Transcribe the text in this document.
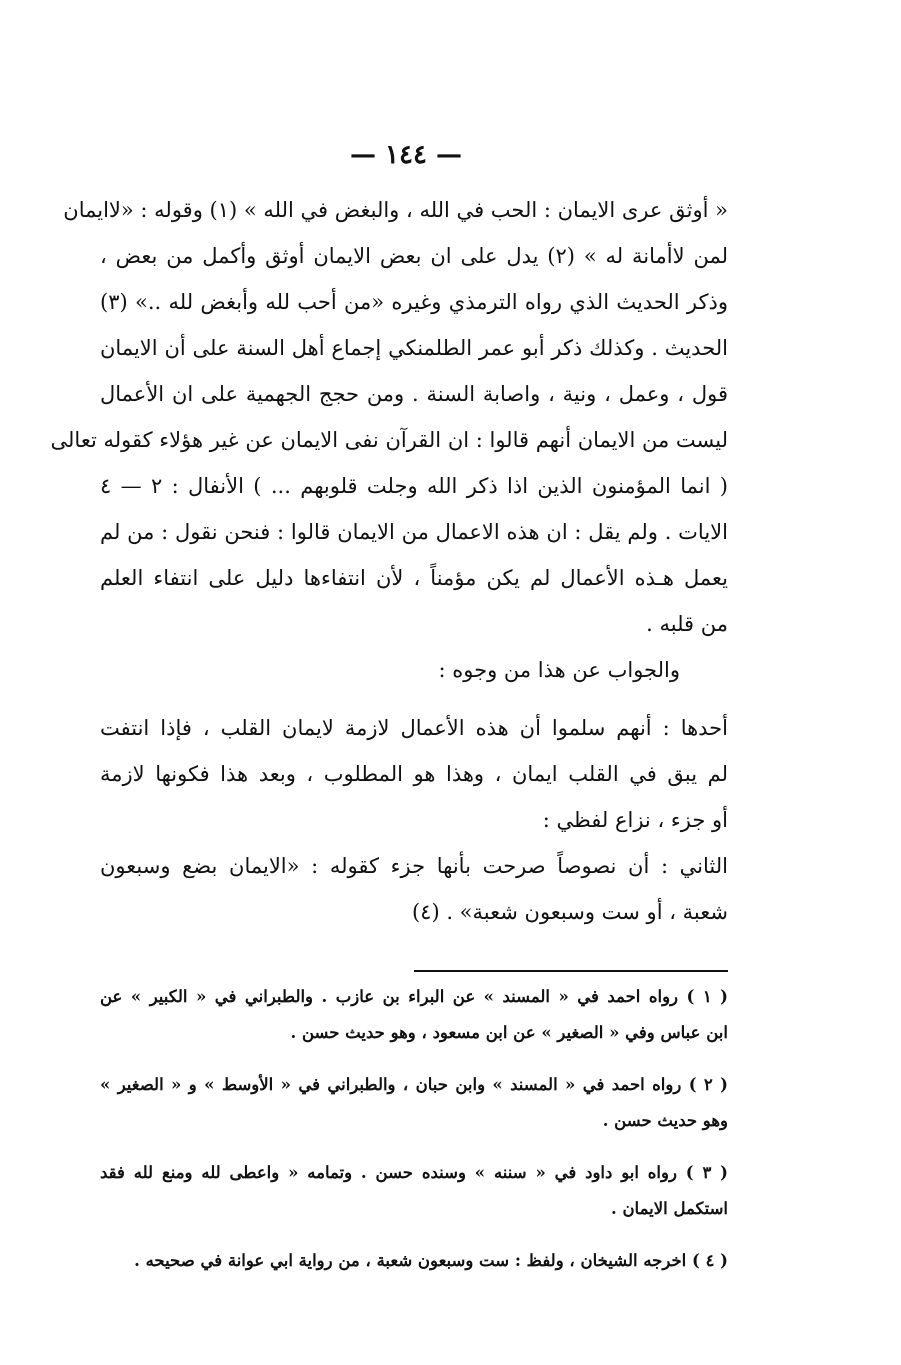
— ١٤٤ —
« أوثق عرى الايمان : الحب في الله ، والبغض في الله » (١) وقوله : «لاايمان
لمن لاأمانة له » (٢) يدل على ان بعض الايمان أوثق وأكمل من بعض ،
وذكر الحديث الذي رواه الترمذي وغيره «من أحب لله وأبغض لله ..» (٣)
الحديث . وكذلك ذكر أبو عمر الطلمنكي إجماع أهل السنة على أن الايمان
قول ، وعمل ، ونية ، واصابة السنة . ومن حجج الجهمية على ان الأعمال
ليست من الايمان أنهم قالوا : ان القرآن نفى الايمان عن غير هؤلاء كقوله تعالى
( انما المؤمنون الذين اذا ذكر الله وجلت قلوبهم ... ) الأنفال : ٢ — ٤
الايات . ولم يقل : ان هذه الاعمال من الايمان قالوا : فنحن نقول : من لم
يعمل هـذه الأعمال لم يكن مؤمناً ، لأن انتفاءها دليل على انتفاء العلم
من قلبه .
والجواب عن هذا من وجوه :
أحدها : أنهم سلموا أن هذه الأعمال لازمة لايمان القلب ، فإذا انتفت
لم يبق في القلب ايمان ، وهذا هو المطلوب ، وبعد هذا فكونها لازمة
أو جزء ، نزاع لفظي :
الثاني : أن نصوصاً صرحت بأنها جزء كقوله : «الايمان بضع وسبعون
شعبة ، أو ست وسبعون شعبة» . (٤)
( ١ ) رواه احمد في « المسند » عن البراء بن عازب . والطبراني في « الكبير » عن
ابن عباس وفي « الصغير » عن ابن مسعود ، وهو حديث حسن .
( ٢ ) رواه احمد في « المسند » وابن حبان ، والطبراني في « الأوسط » و « الصغير »
وهو حديث حسن .
( ٣ ) رواه ابو داود في « سننه » وسنده حسن . وتمامه « واعطى لله ومنع لله فقد
استكمل الايمان .
( ٤ ) اخرجه الشيخان ، ولفظ : ست وسبعون شعبة ، من رواية ابي عوانة في صحيحه .
